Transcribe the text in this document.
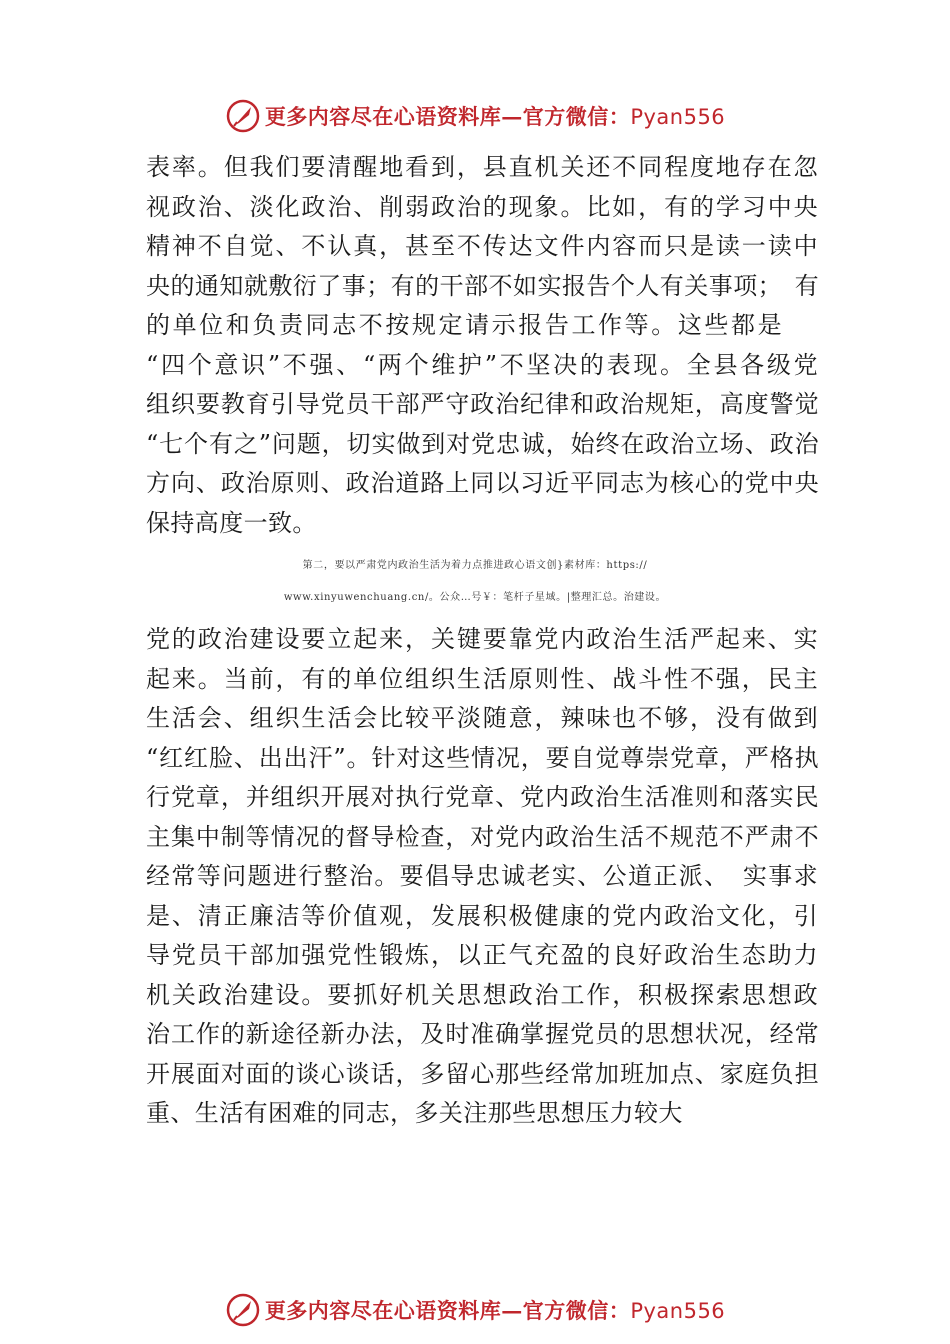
更多内容尽在心语资料库—官方微信：Pyan556
表率。但我们要清醒地看到，县直机关还不同程度地存在忽
视政治、淡化政治、削弱政治的现象。比如，有的学习中央
精神不自觉、不认真，甚至不传达文件内容而只是读一读中
央的通知就敷衍了事；有的干部不如实报告个人有关事项；　有
的单位和负责同志不按规定请示报告工作等。这些都是
“四个意识”不强、“两个维护”不坚决的表现。全县各级党
组织要教育引导党员干部严守政治纪律和政治规矩，高度警觉
“七个有之”问题，切实做到对党忠诚，始终在政治立场、政治
方向、政治原则、政治道路上同以习近平同志为核心的党中央
保持高度一致。
第二，要以严肃党内政治生活为着力点推进政心语文创}素材库：https://
www.xinyuwenchuang.cn/。公众…号￥：笔杆子星域。|整理汇总。治建设。
党的政治建设要立起来，关键要靠党内政治生活严起来、实
起来。当前，有的单位组织生活原则性、战斗性不强，民主
生活会、组织生活会比较平淡随意，辣味也不够，没有做到
“红红脸、出出汗”。针对这些情况，要自觉尊崇党章，严格执
行党章，并组织开展对执行党章、党内政治生活准则和落实民
主集中制等情况的督导检查，对党内政治生活不规范不严肃不
经常等问题进行整治。要倡导忠诚老实、公道正派、　实事求
是、清正廉洁等价值观，发展积极健康的党内政治文化，引
导党员干部加强党性锻炼，以正气充盈的良好政治生态助力
机关政治建设。要抓好机关思想政治工作，积极探索思想政
治工作的新途径新办法，及时准确掌握党员的思想状况，经常
开展面对面的谈心谈话，多留心那些经常加班加点、家庭负担
重、生活有困难的同志，多关注那些思想压力较大
更多内容尽在心语资料库—官方微信：Pyan556
